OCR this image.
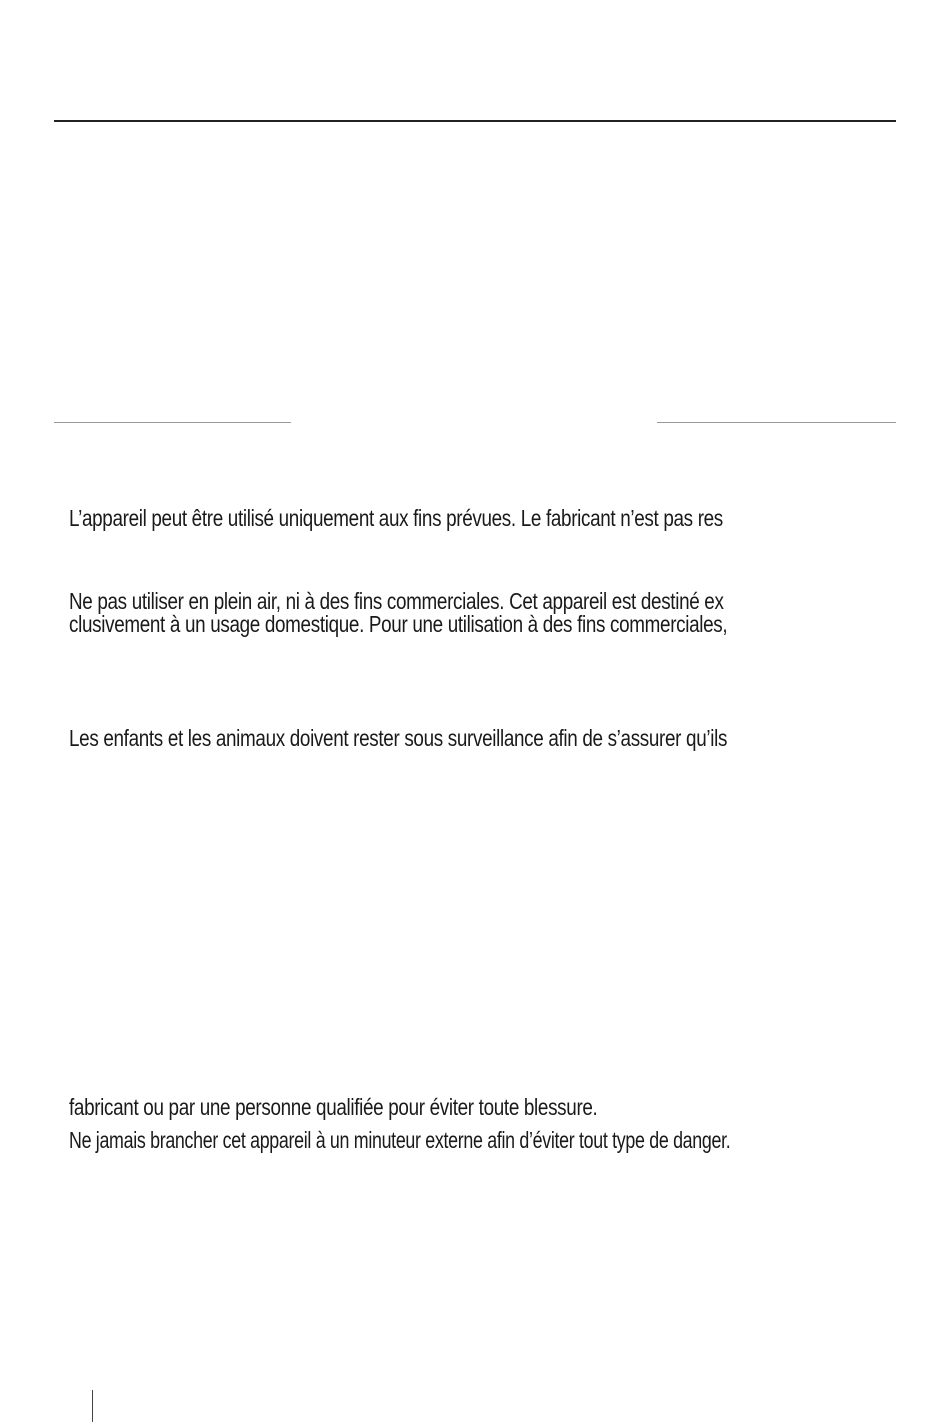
L’appareil peut être utilisé uniquement aux fins prévues. Le fabricant n’est pas res
Ne pas utiliser en plein air, ni à des fins commerciales. Cet appareil est destiné ex
clusivement à un usage domestique. Pour une utilisation à des fins commerciales,
Les enfants et les animaux doivent rester sous surveillance afin de s’assurer qu’ils
fabricant ou par une personne qualifiée pour éviter toute blessure.
Ne jamais brancher cet appareil à un minuteur externe afin d’éviter tout type de danger.
